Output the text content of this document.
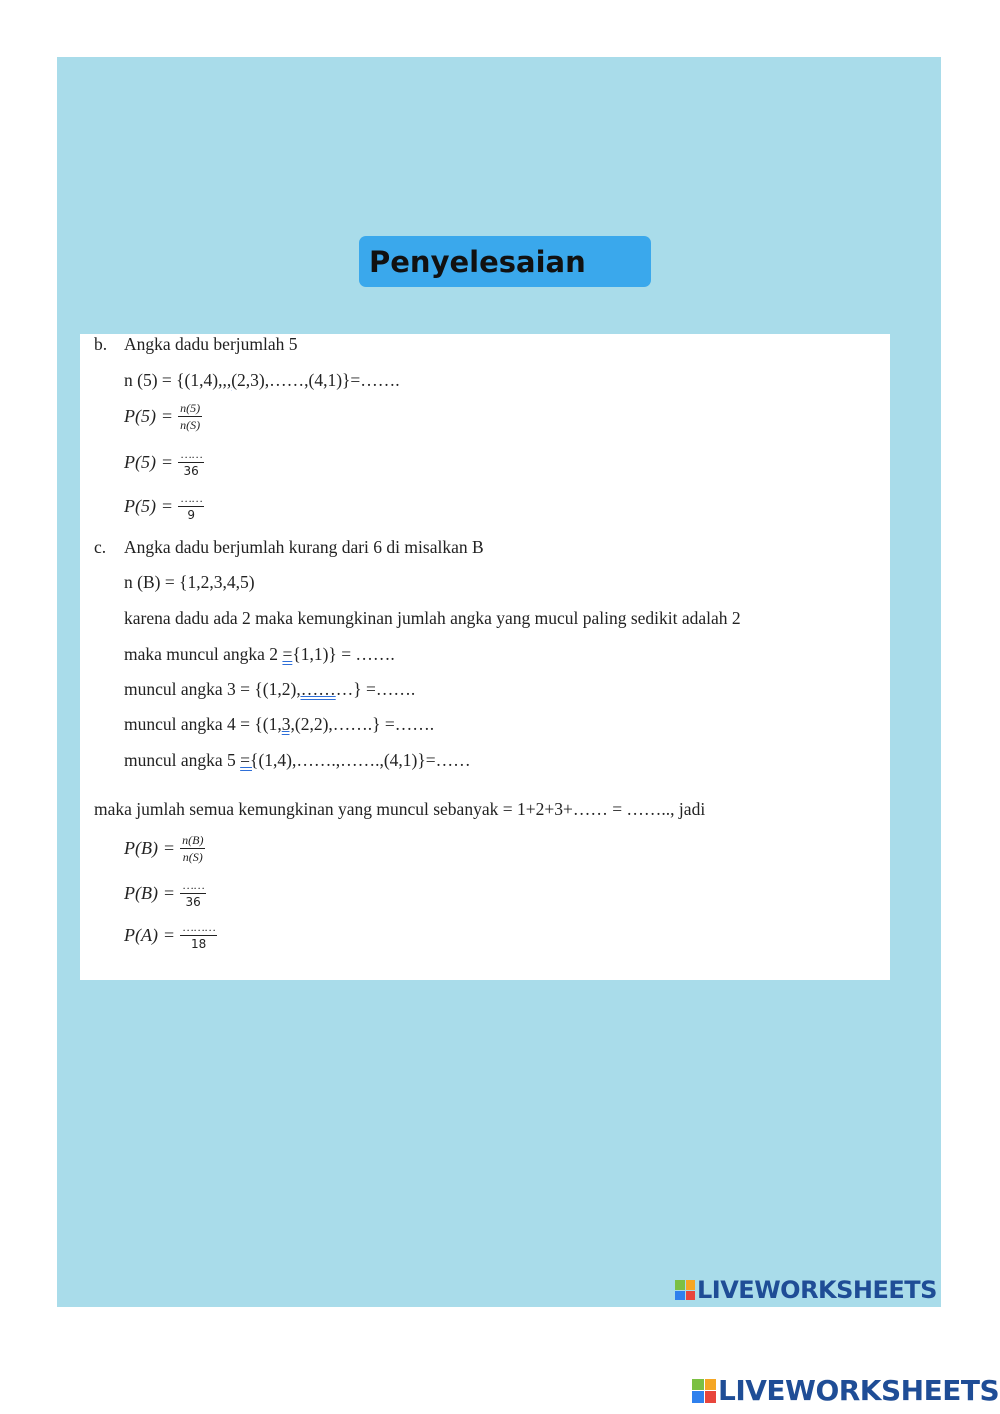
Penyelesaian
b. Angka dadu berjumlah 5
n (5) = {(1,4),,,(2,3),……,(4,1)}=…….
$P(5) = \frac{n(5)}{n(S)}$
$P(5) = \frac{\dots\dots}{36}$
$P(5) = \frac{\dots\dots}{9}$
c. Angka dadu berjumlah kurang dari 6 di misalkan B
n (B) = {1,2,3,4,5)
karena dadu ada 2 maka kemungkinan jumlah angka yang mucul paling sedikit adalah 2
maka muncul angka 2 ={1,1)} = …….
muncul angka 3 = {(1,2),………} =…….
muncul angka 4 = {(1,3,(2,2),…….} =…….
muncul angka 5 ={(1,4),…….,…….,(4,1)}=……
maka jumlah semua kemungkinan yang muncul sebanyak = 1+2+3+…… = …….., jadi
$P(B) = \frac{n(B)}{n(S)}$
$P(B) = \frac{\dots\dots}{36}$
$P(A) = \frac{\dots\dots\dots}{18}$
LIVEWORKSHEETS
LIVEWORKSHEETS
